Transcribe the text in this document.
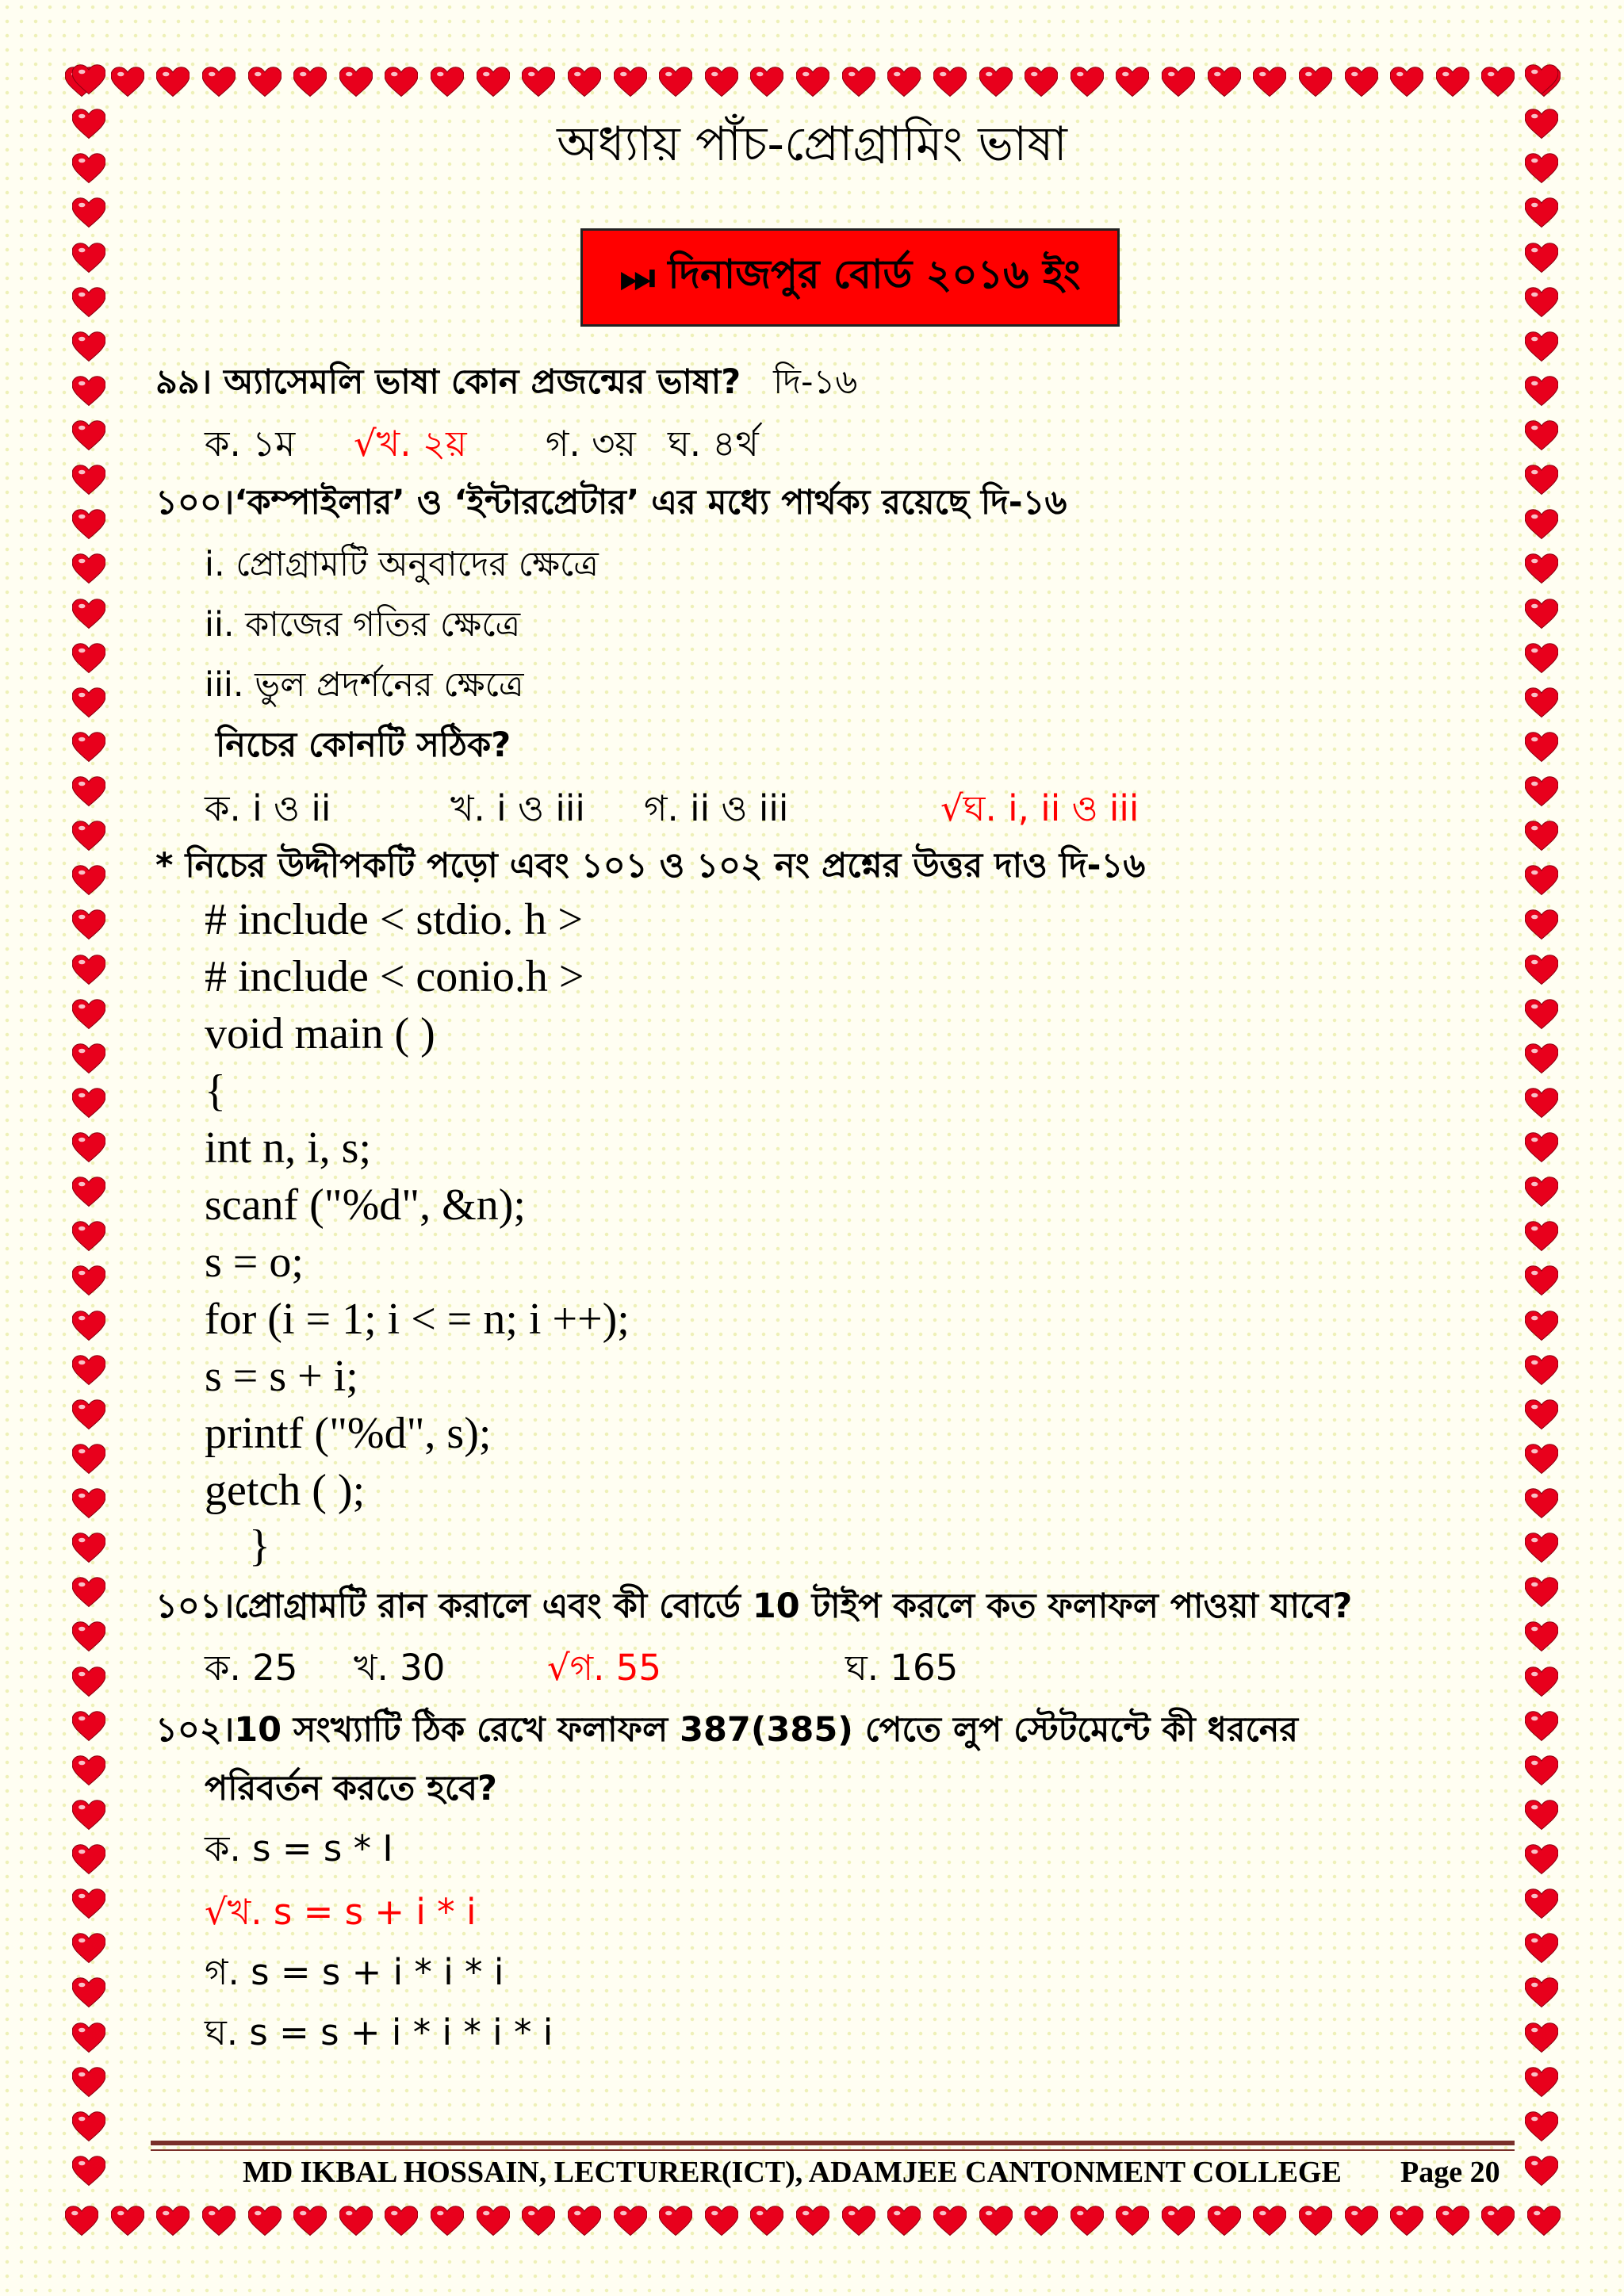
অধ্যায় পাঁচ-প্রোগ্রামিং ভাষা
⏭ দিনাজপুর বোর্ড ২০১৬ ইং
৯৯। অ্যাসেমলি ভাষা কোন প্রজন্মের ভাষা? দি-১৬
ক. ১ম √খ. ২য় গ. ৩য় ঘ. ৪র্থ
১০০।‘কম্পাইলার’ ও ‘ইন্টারপ্রেটার’ এর মধ্যে পার্থক্য রয়েছে দি-১৬
i. প্রোগ্রামটি অনুবাদের ক্ষেত্রে
ii. কাজের গতির ক্ষেত্রে
iii. ভুল প্রদর্শনের ক্ষেত্রে
নিচের কোনটি সঠিক?
ক. i ও ii	খ. i ও iii গ. ii ও iii	√ঘ. i, ii ও iii
* নিচের উদ্দীপকটি পড়ো এবং ১০১ ও ১০২ নং প্রশ্নের উত্তর দাও দি-১৬
# include < stdio. h >
# include < conio.h >
void main ( )
{
int n, i, s;
scanf ("%d", &n);
s = o;
for (i = 1; i < = n; i ++);
s = s + i;
printf ("%d", s);
getch ( );
}
১০১।প্রোগ্রামটি রান করালে এবং কী বোর্ডে 10 টাইপ করলে কত ফলাফল পাওয়া যাবে?
ক. 25 খ. 30	√গ. 55	ঘ. 165
১০২।10 সংখ্যাটি ঠিক রেখে ফলাফল 387(385) পেতে লুপ স্টেটমেন্টে কী ধরনের
পরিবর্তন করতে হবে?
ক. s = s * I
√খ. s = s + i * i
গ. s = s + i * i * i
ঘ. s = s + i * i * i * i
MD IKBAL HOSSAIN, LECTURER(ICT), ADAMJEE CANTONMENT COLLEGE Page 20
